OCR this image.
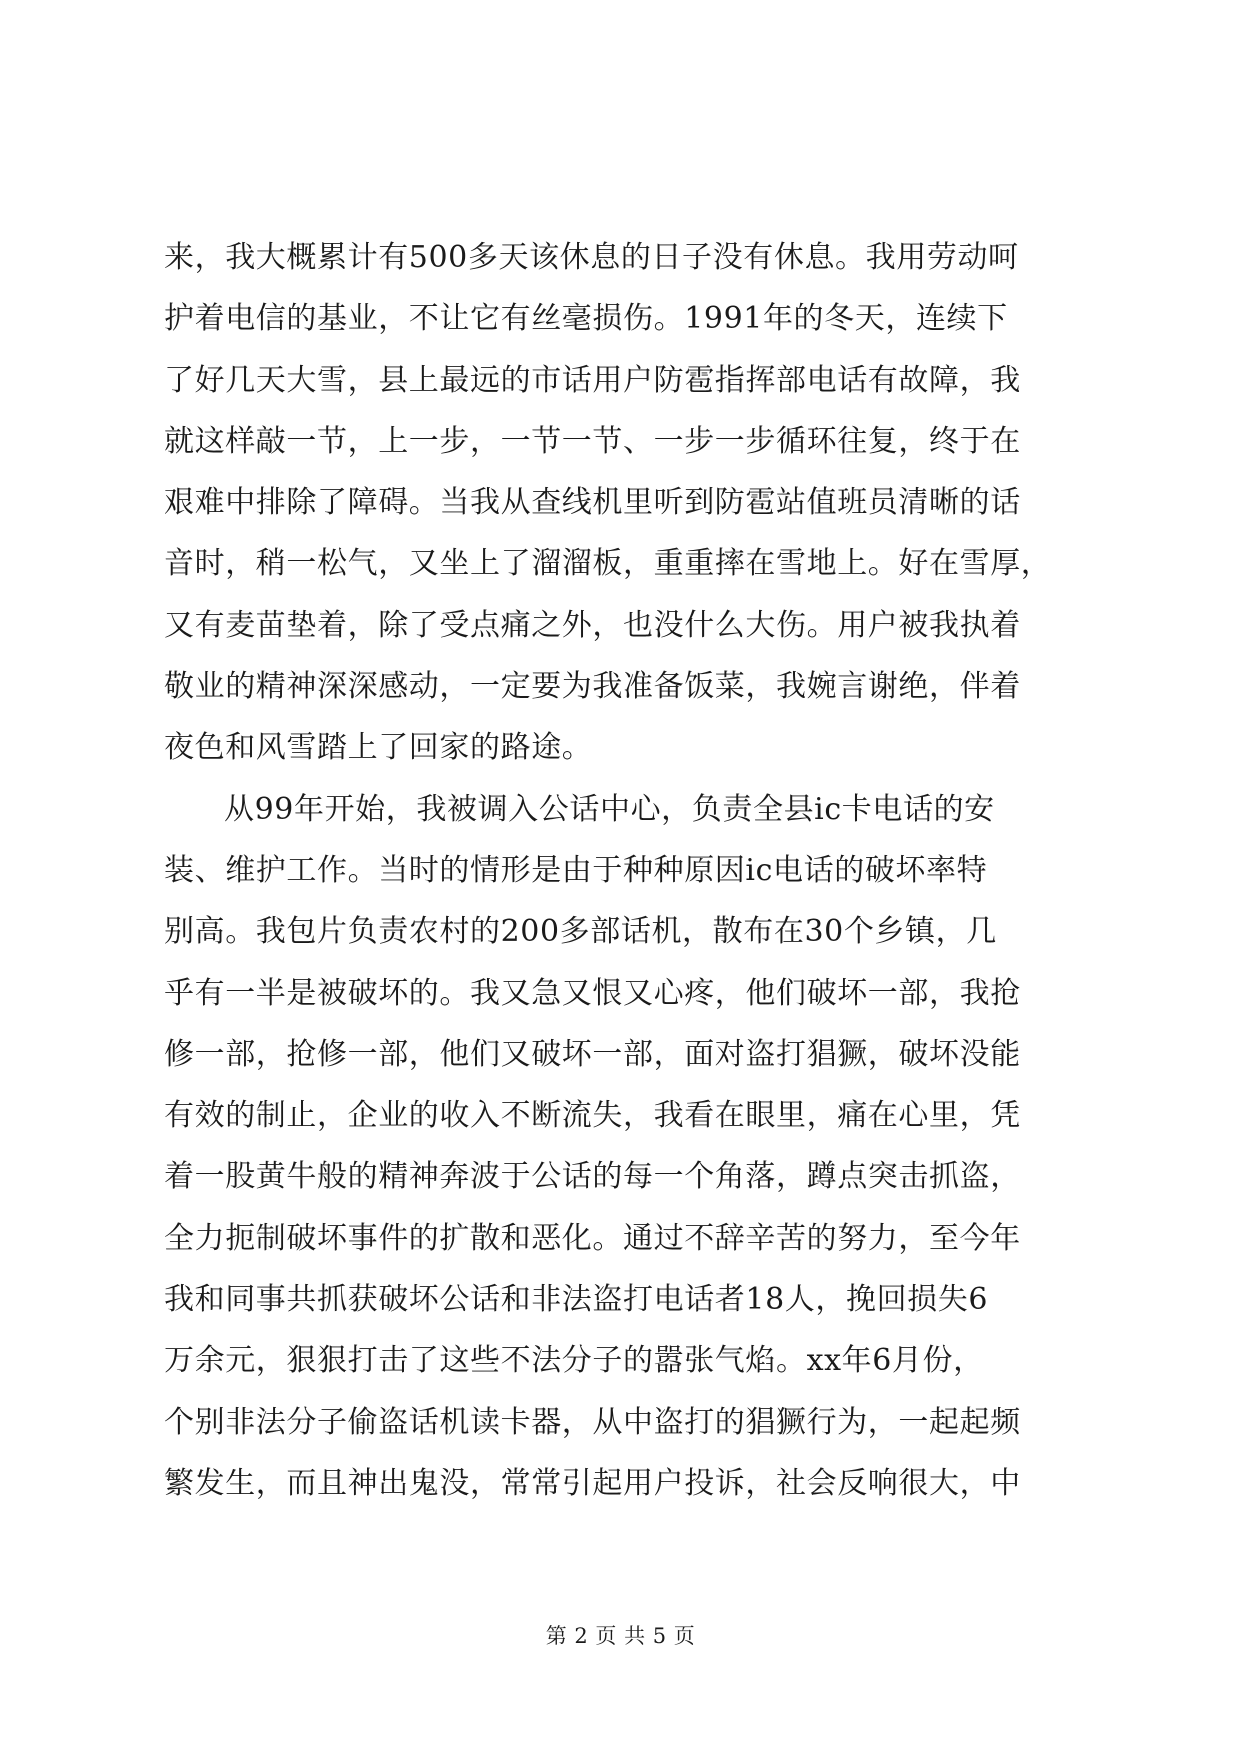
来，我大概累计有500多天该休息的日子没有休息。我用劳动呵
护着电信的基业，不让它有丝毫损伤。1991年的冬天，连续下
了好几天大雪，县上最远的市话用户防雹指挥部电话有故障，我
就这样敲一节，上一步，一节一节、一步一步循环往复，终于在
艰难中排除了障碍。当我从查线机里听到防雹站值班员清晰的话
音时，稍一松气，又坐上了溜溜板，重重摔在雪地上。好在雪厚，
又有麦苗垫着，除了受点痛之外，也没什么大伤。用户被我执着
敬业的精神深深感动，一定要为我准备饭菜，我婉言谢绝，伴着
夜色和风雪踏上了回家的路途。
从99年开始，我被调入公话中心，负责全县ic卡电话的安
装、维护工作。当时的情形是由于种种原因ic电话的破坏率特
别高。我包片负责农村的200多部话机，散布在30个乡镇，几
乎有一半是被破坏的。我又急又恨又心疼，他们破坏一部，我抢
修一部，抢修一部，他们又破坏一部，面对盗打猖獗，破坏没能
有效的制止，企业的收入不断流失，我看在眼里，痛在心里，凭
着一股黄牛般的精神奔波于公话的每一个角落，蹲点突击抓盗，
全力扼制破坏事件的扩散和恶化。通过不辞辛苦的努力，至今年
我和同事共抓获破坏公话和非法盗打电话者18人，挽回损失6
万余元，狠狠打击了这些不法分子的嚣张气焰。xx年6月份，
个别非法分子偷盗话机读卡器，从中盗打的猖獗行为，一起起频
繁发生，而且神出鬼没，常常引起用户投诉，社会反响很大，中
第 2 页 共 5 页
